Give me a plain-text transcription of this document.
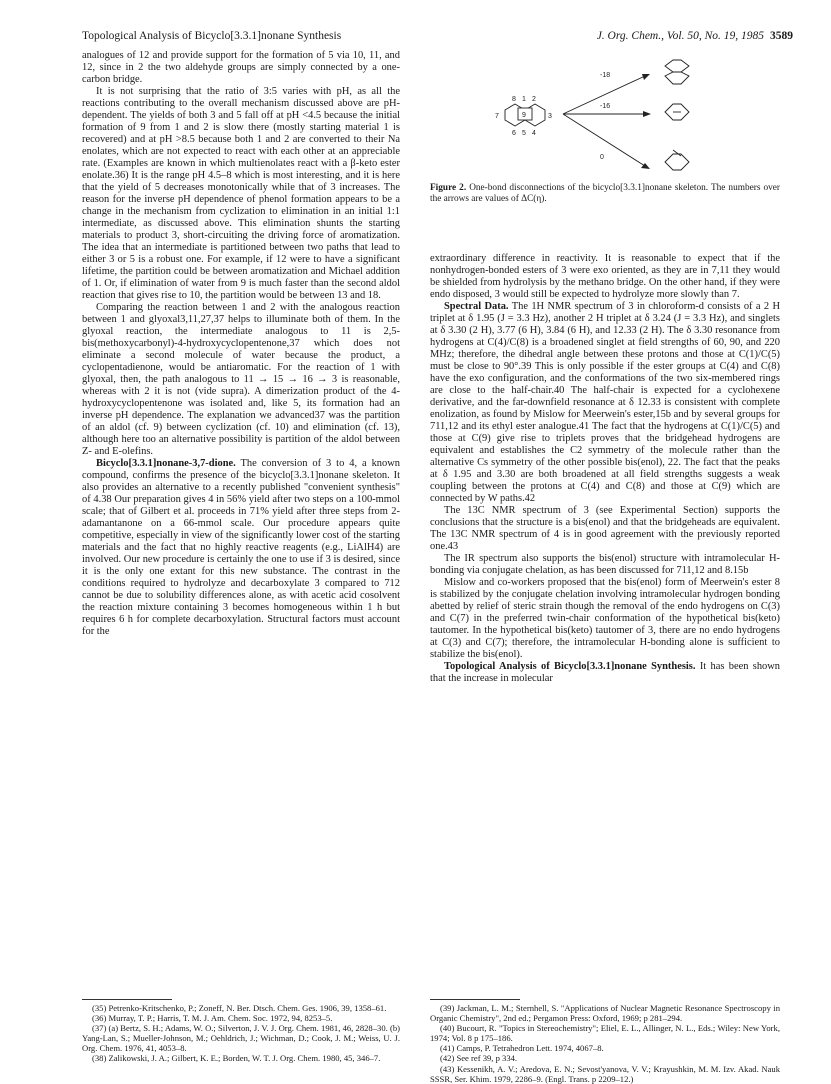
Topological Analysis of Bicyclo[3.3.1]nonane Synthesis	J. Org. Chem., Vol. 50, No. 19, 1985 3589

analogues of 12 and provide support for the formation of 5 via 10, 11, and 12, since in 2 the two aldehyde groups are simply connected by a one-carbon bridge.

It is not surprising that the ratio of 3:5 varies with pH, as all the reactions contributing to the overall mechanism discussed above are pH-dependent. The yields of both 3 and 5 fall off at pH <4.5 because the initial formation of 9 from 1 and 2 is slow there (mostly starting material 1 is recovered) and at pH >8.5 because both 1 and 2 are converted to their Na enolates, which are not expected to react with each other at an appreciable rate. (Examples are known in which multienolates react with a β-keto ester enolate.36) It is the range pH 4.5–8 which is most interesting, and it is here that the yield of 5 decreases monotonically while that of 3 increases. The reason for the inverse pH dependence of phenol formation appears to be a change in the mechanism from cyclization to elimination in an initial 1:1 intermediate, as discussed above. This elimination shunts the starting materials to product 3, short-circuiting the driving force of aromatization. The idea that an intermediate is partitioned between two paths that lead to either 3 or 5 is a robust one. For example, if 12 were to have a significant lifetime, the partition could be between aromatization and Michael addition of 1. Or, if elimination of water from 9 is much faster than the second aldol reaction that gives rise to 10, the partition would be between 13 and 18.

Comparing the reaction between 1 and 2 with the analogous reaction between 1 and glyoxal3,11,27,37 helps to illuminate both of them. In the glyoxal reaction, the intermediate analogous to 11 is 2,5-bis(methoxycarbonyl)-4-hydroxycyclopentenone,37 which does not eliminate a second molecule of water because the product, a cyclopentadienone, would be antiaromatic. For the reaction of 1 with glyoxal, then, the path analogous to 11 → 15 → 16 → 3 is reasonable, whereas with 2 it is not (vide supra). A dimerization product of the 4-hydroxycyclopentenone was isolated and, like 5, its formation had an inverse pH dependence. The explanation we advanced37 was the partition of an aldol (cf. 9) between cyclization (cf. 10) and elimination (cf. 13), although here too an alternative possibility is partition of the aldol between Z- and E-olefins.

Bicyclo[3.3.1]nonane-3,7-dione. The conversion of 3 to 4, a known compound, confirms the presence of the bicyclo[3.3.1]nonane skeleton. It also provides an alternative to a recently published "convenient synthesis" of 4.38 Our preparation gives 4 in 56% yield after two steps on a 100-mmol scale; that of Gilbert et al. proceeds in 71% yield after three steps from 2-adamantanone on a 66-mmol scale. Our procedure appears quite competitive, especially in view of the significantly lower cost of the starting materials and the fact that no highly reactive reagents (e.g., LiAlH4) are involved. Our new procedure is certainly the one to use if 3 is desired, since it is the only one extant for this new substance. The contrast in the conditions required to hydrolyze and decarboxylate 3 compared to 712 cannot be due to solubility differences alone, as with acetic acid cosolvent the reaction mixture containing 3 becomes homogeneous within 1 h but requires 6 h for complete decarboxylation. Structural factors must account for the

8 1 2
7	9	3
6 5 4
-18
-16
0
Figure 2. One-bond disconnections of the bicyclo[3.3.1]nonane skeleton. The numbers over the arrows are values of ΔC(η).

extraordinary difference in reactivity. It is reasonable to expect that if the nonhydrogen-bonded esters of 3 were exo oriented, as they are in 7,11 they would be shielded from hydrolysis by the methano bridge. On the other hand, if they were endo disposed, 3 would still be expected to hydrolyze more slowly than 7.

Spectral Data. The 1H NMR spectrum of 3 in chloroform-d consists of a 2 H triplet at δ 1.95 (J = 3.3 Hz), another 2 H triplet at δ 3.24 (J = 3.3 Hz), and singlets at δ 3.30 (2 H), 3.77 (6 H), 3.84 (6 H), and 12.33 (2 H). The δ 3.30 resonance from hydrogens at C(4)/C(8) is a broadened singlet at field strengths of 60, 90, and 220 MHz; therefore, the dihedral angle between these protons and those at C(1)/C(5) must be close to 90°.39 This is only possible if the ester groups at C(4) and C(8) have the exo configuration, and the conformations of the two six-membered rings are close to the half-chair.40 The half-chair is expected for a cyclohexene derivative, and the far-downfield resonance at δ 12.33 is consistent with complete enolization, as found by Mislow for Meerwein's ester,15b and by several groups for 711,12 and its ethyl ester analogue.41 The fact that the hydrogens at C(1)/C(5) and those at C(9) give rise to triplets proves that the bridgehead hydrogens are equivalent and establishes the C2 symmetry of the molecule rather than the alternative Cs symmetry of the other possible bis(enol), 22. The fact that the peaks at δ 1.95 and 3.30 are both broadened at all field strengths suggests a weak coupling between the protons at C(4) and C(8) and those at C(9) which are connected by W paths.42

The 13C NMR spectrum of 3 (see Experimental Section) supports the conclusions that the structure is a bis(enol) and that the bridgeheads are equivalent. The 13C NMR spectrum of 4 is in good agreement with the previously reported one.43

The IR spectrum also supports the bis(enol) structure with intramolecular H-bonding via conjugate chelation, as has been discussed for 711,12 and 8.15b

Mislow and co-workers proposed that the bis(enol) form of Meerwein's ester 8 is stabilized by the conjugate chelation involving intramolecular hydrogen bonding abetted by relief of steric strain though the removal of the endo hydrogens on C(3) and C(7) in the preferred twin-chair conformation of the hypothetical bis(keto) tautomer. In the hypothetical bis(keto) tautomer of 3, there are no endo hydrogens at C(3) and C(7); therefore, the intramolecular H-bonding alone is sufficient to stabilize the bis(enol).

Topological Analysis of Bicyclo[3.3.1]nonane Synthesis. It has been shown that the increase in molecular

(35) Petrenko-Kritschenko, P.; Zoneff, N. Ber. Dtsch. Chem. Ges. 1906, 39, 1358–61.
(36) Murray, T. P.; Harris, T. M. J. Am. Chem. Soc. 1972, 94, 8253–5.
(37) (a) Bertz, S. H.; Adams, W. O.; Silverton, J. V. J. Org. Chem. 1981, 46, 2828–30. (b) Yang-Lan, S.; Mueller-Johnson, M.; Oehldrich, J.; Wichman, D.; Cook, J. M.; Weiss, U. J. Org. Chem. 1976, 41, 4053–8.
(38) Zalikowski, J. A.; Gilbert, K. E.; Borden, W. T. J. Org. Chem. 1980, 45, 346–7.
(39) Jackman, L. M.; Sternhell, S. "Applications of Nuclear Magnetic Resonance Spectroscopy in Organic Chemistry", 2nd ed.; Pergamon Press: Oxford, 1969; p 281–294.
(40) Bucourt, R. "Topics in Stereochemistry"; Eliel, E. L., Allinger, N. L., Eds.; Wiley: New York, 1974; Vol. 8 p 175–186.
(41) Camps, P. Tetrahedron Lett. 1974, 4067–8.
(42) See ref 39, p 334.
(43) Kessenikh, A. V.; Aredova, E. N.; Sevost'yanova, V. V.; Krayushkin, M. M. Izv. Akad. Nauk SSSR, Ser. Khim. 1979, 2286–9. (Engl. Trans. p 2209–12.)
